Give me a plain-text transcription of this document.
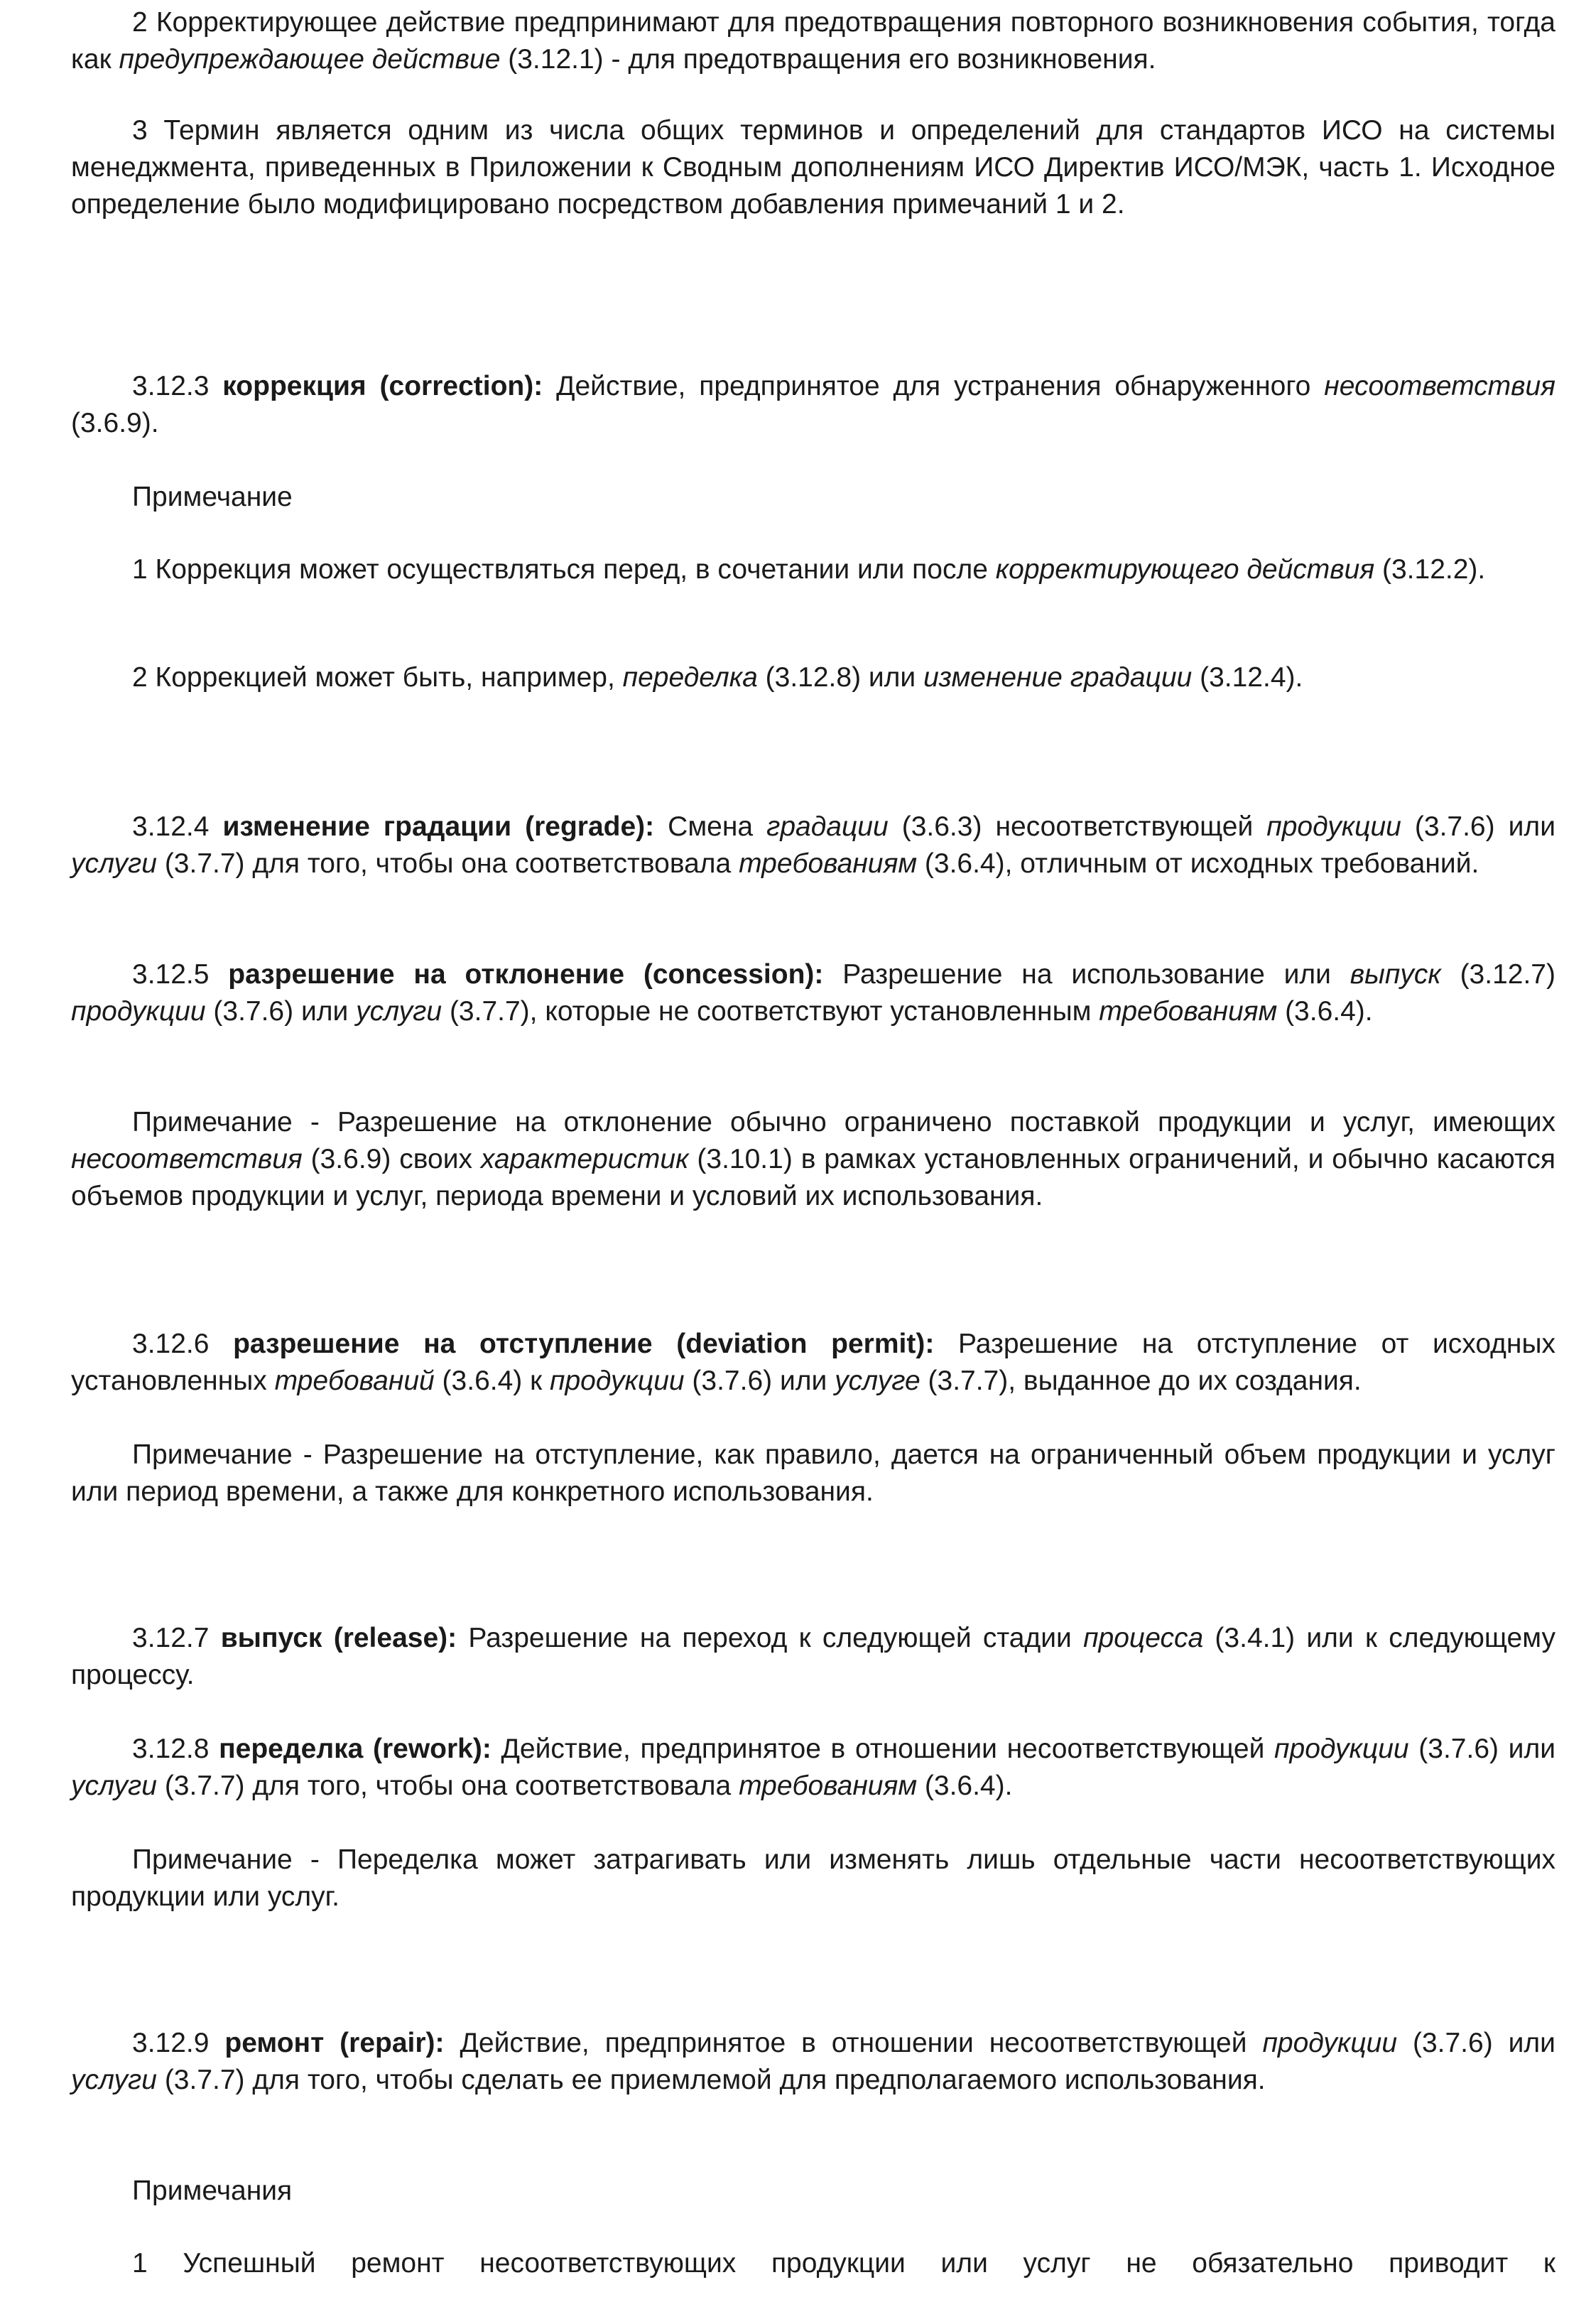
2 Корректирующее действие предпринимают для предотвращения повторного возникновения события, тогда как предупреждающее действие (3.12.1) - для предотвращения его возникновения.

3 Термин является одним из числа общих терминов и определений для стандартов ИСО на системы менеджмента, приведенных в Приложении к Сводным дополнениям ИСО Директив ИСО/МЭК, часть 1. Исходное определение было модифицировано посредством добавления примечаний 1 и 2.

3.12.3 коррекция (correction): Действие, предпринятое для устранения обнаруженного несоответствия (3.6.9).

Примечание

1 Коррекция может осуществляться перед, в сочетании или после корректирующего действия (3.12.2).

2 Коррекцией может быть, например, переделка (3.12.8) или изменение градации (3.12.4).

3.12.4 изменение градации (regrade): Смена градации (3.6.3) несоответствующей продукции (3.7.6) или услуги (3.7.7) для того, чтобы она соответствовала требованиям (3.6.4), отличным от исходных требований.

3.12.5 разрешение на отклонение (concession): Разрешение на использование или выпуск (3.12.7) продукции (3.7.6) или услуги (3.7.7), которые не соответствуют установленным требованиям (3.6.4).

Примечание - Разрешение на отклонение обычно ограничено поставкой продукции и услуг, имеющих несоответствия (3.6.9) своих характеристик (3.10.1) в рамках установленных ограничений, и обычно касаются объемов продукции и услуг, периода времени и условий их использования.

3.12.6 разрешение на отступление (deviation permit): Разрешение на отступление от исходных установленных требований (3.6.4) к продукции (3.7.6) или услуге (3.7.7), выданное до их создания.

Примечание - Разрешение на отступление, как правило, дается на ограниченный объем продукции и услуг или период времени, а также для конкретного использования.

3.12.7 выпуск (release): Разрешение на переход к следующей стадии процесса (3.4.1) или к следующему процессу.

3.12.8 переделка (rework): Действие, предпринятое в отношении несоответствующей продукции (3.7.6) или услуги (3.7.7) для того, чтобы она соответствовала требованиям (3.6.4).

Примечание - Переделка может затрагивать или изменять лишь отдельные части несоответствующих продукции или услуг.

3.12.9 ремонт (repair): Действие, предпринятое в отношении несоответствующей продукции (3.7.6) или услуги (3.7.7) для того, чтобы сделать ее приемлемой для предполагаемого использования.

Примечания

1 Успешный ремонт несоответствующих продукции или услуг не обязательно приводит к
